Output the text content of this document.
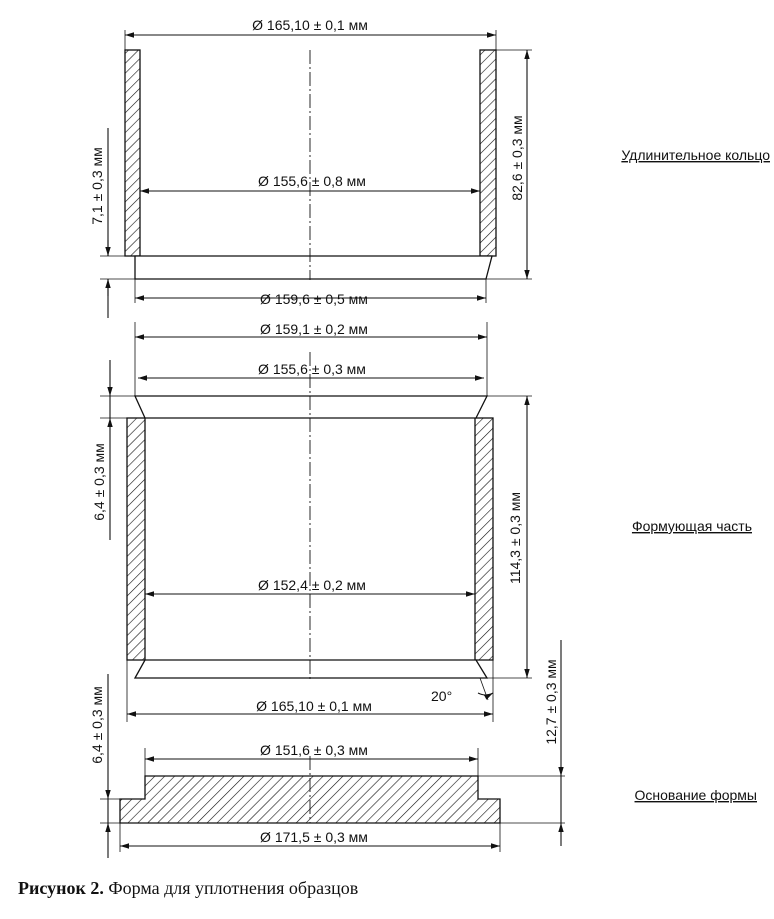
Ø 165,10 ± 0,1 мм
Ø 155,6 ± 0,8 мм
Ø 159,6 ± 0,5 мм
82,6 ± 0,3 мм
7,1 ± 0,3 мм	Удлинительное кольцо
Ø 159,1 ± 0,2 мм
Ø 155,6 ± 0,3 мм
Ø 152,4 ± 0,2 мм
Ø 165,10 ± 0,1 мм
114,3 ± 0,3 мм
6,4 ± 0,3 мм
20°
Формующая часть
Ø 151,6 ± 0,3 мм
Ø 171,5 ± 0,3 мм
6,4 ± 0,3 мм	12,7 ± 0,3 мм
Основание формы
Рисунок 2. Форма для уплотнения образцов
